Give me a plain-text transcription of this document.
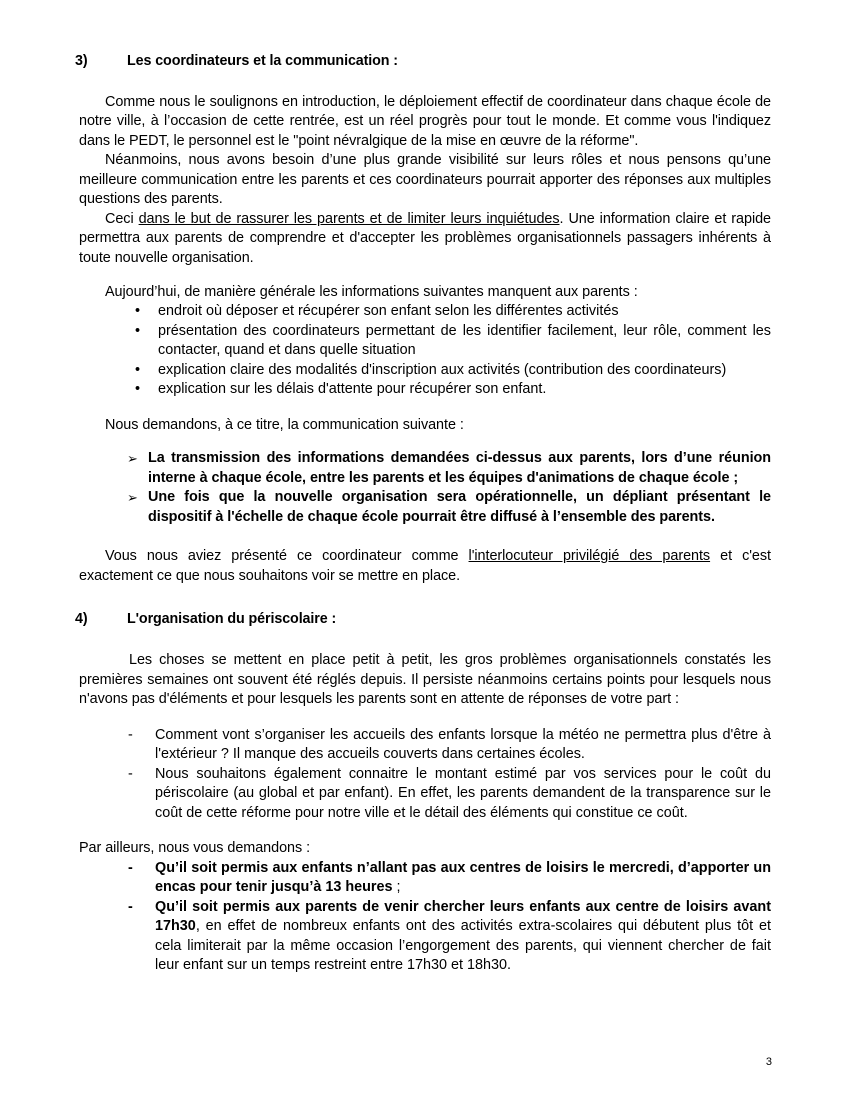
3)	Les coordinateurs et la communication :

Comme nous le soulignons en introduction, le déploiement effectif de coordinateur dans chaque école de notre ville, à l’occasion de cette rentrée, est un réel progrès pour tout le monde. Et comme vous l'indiquez dans le PEDT, le personnel est le "point névralgique de la mise en œuvre de la réforme".

Néanmoins, nous avons besoin d’une plus grande visibilité sur leurs rôles et nous pensons qu’une meilleure communication entre les parents et ces coordinateurs pourrait apporter des réponses aux multiples questions des parents.

Ceci dans le but de rassurer les parents et de limiter leurs inquiétudes. Une information claire et rapide permettra aux parents de comprendre et d'accepter les problèmes organisationnels passagers inhérents à toute nouvelle organisation.

Aujourd’hui, de manière générale les informations suivantes manquent aux parents :

• endroit où déposer et récupérer son enfant selon les différentes activités
• présentation des coordinateurs permettant de les identifier facilement, leur rôle, comment les contacter, quand et dans quelle situation
• explication claire des modalités d'inscription aux activités (contribution des coordinateurs)
• explication sur les délais d'attente pour récupérer son enfant.

Nous demandons, à ce titre, la communication suivante :

➢ La transmission des informations demandées ci-dessus aux parents, lors d’une réunion interne à chaque école, entre les parents et les équipes d'animations de chaque école ;
➢ Une fois que la nouvelle organisation sera opérationnelle, un dépliant présentant le dispositif à l'échelle de chaque école pourrait être diffusé à l’ensemble des parents.

Vous nous aviez présenté ce coordinateur comme l'interlocuteur privilégié des parents et c'est exactement ce que nous souhaitons voir se mettre en place.

4)	L'organisation du périscolaire :

Les choses se mettent en place petit à petit, les gros problèmes organisationnels constatés les premières semaines ont souvent été réglés depuis. Il persiste néanmoins certains points pour lesquels nous n'avons pas d'éléments et pour lesquels les parents sont en attente de réponses de votre part :

- Comment vont s’organiser les accueils des enfants lorsque la météo ne permettra plus d'être à l'extérieur ? Il manque des accueils couverts dans certaines écoles.
- Nous souhaitons également connaitre le montant estimé par vos services pour le coût du périscolaire (au global et par enfant). En effet, les parents demandent de la transparence sur le coût de cette réforme pour notre ville et le détail des éléments qui constitue ce coût.

Par ailleurs, nous vous demandons :

- Qu’il soit permis aux enfants n’allant pas aux centres de loisirs le mercredi, d’apporter un encas pour tenir jusqu’à 13 heures ;
- Qu’il soit permis aux parents de venir chercher leurs enfants aux centre de loisirs avant 17h30, en effet de nombreux enfants ont des activités extra-scolaires qui débutent plus tôt et cela limiterait par la même occasion l’engorgement des parents, qui viennent chercher de fait leur enfant sur un temps restreint entre 17h30 et 18h30.
3
